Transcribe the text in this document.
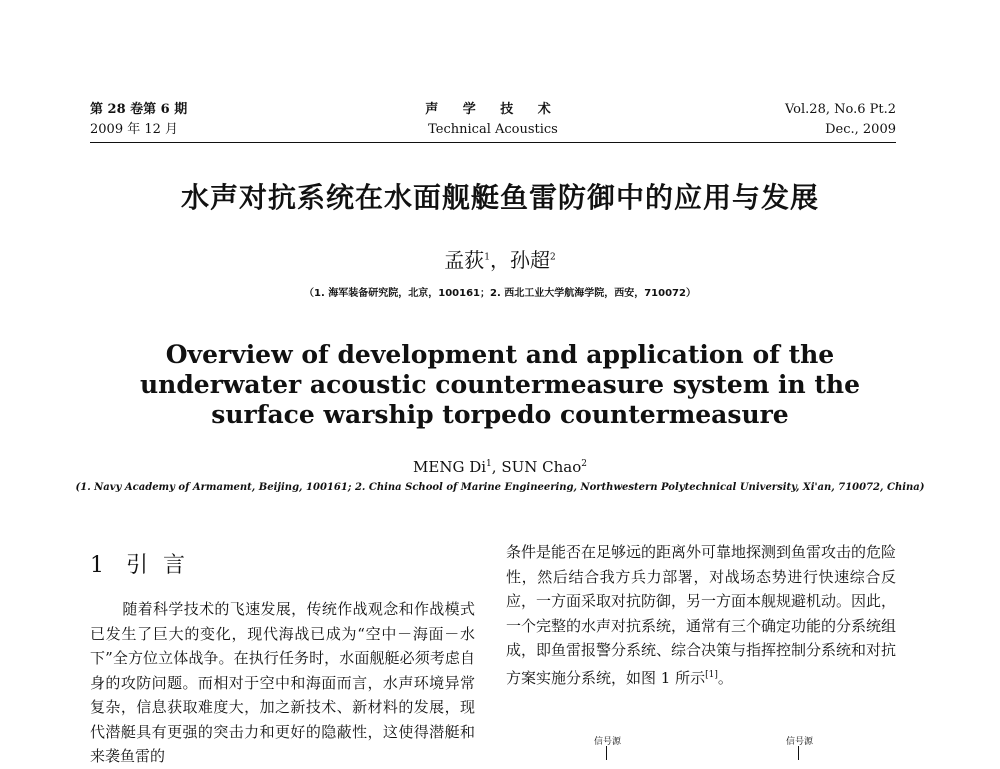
第 28 卷第 6 期
2009 年 12 月
声 学 技 术
Technical Acoustics
Vol.28, No.6 Pt.2
Dec., 2009
水声对抗系统在水面舰艇鱼雷防御中的应用与发展
孟荻$^1$，孙超$^2$
（1. 海军装备研究院，北京，100161；2. 西北工业大学航海学院，西安，710072）
Overview of development and application of the underwater acoustic countermeasure system in the surface warship torpedo countermeasure
MENG Di$^1$, SUN Chao$^2$
(1. Navy Academy of Armament, Beijing, 100161; 2. China School of Marine Engineering, Northwestern Polytechnical University, Xi'an, 710072, China)
1 引 言

随着科学技术的飞速发展，传统作战观念和作战模式已发生了巨大的变化，现代海战已成为“空中－海面－水下”全方位立体战争。在执行任务时，水面舰艇必须考虑自身的攻防问题。而相对于空中和海面而言，水声环境异常复杂，信息获取难度大，加之新技术、新材料的发展，现代潜艇具有更强的突击力和更好的隐蔽性，这使得潜艇和来袭鱼雷的

条件是能否在足够远的距离外可靠地探测到鱼雷攻击的危险性，然后结合我方兵力部署，对战场态势进行快速综合反应，一方面采取对抗防御，另一方面本舰规避机动。因此，一个完整的水声对抗系统，通常有三个确定功能的分系统组成，即鱼雷报警分系统、综合决策与指挥控制分系统和对抗方案实施分系统，如图 1 所示[1]。

信号源	信号源
